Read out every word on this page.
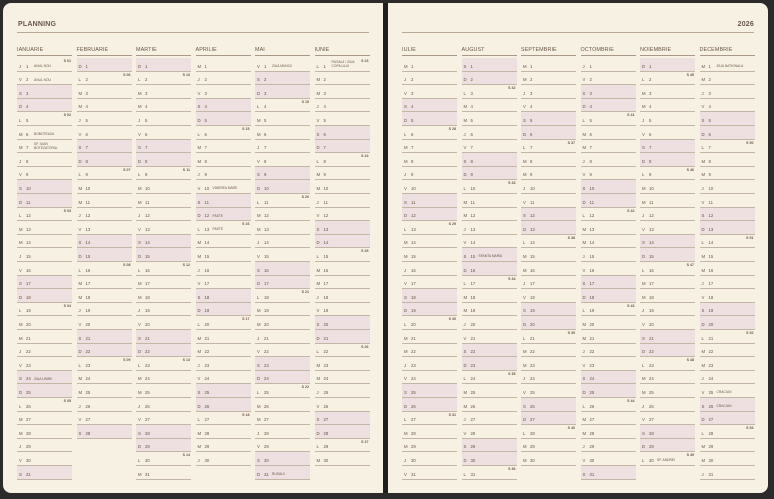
PLANNING
IANUARIE
J 1 ANUL NOU
S 01
V 2 ANUL NOU
S 3
D 4
L 5
S 02
M 6 BOBOTEAZA
M 7
SF. IOAN BOTEZATORUL
J 8
V 9
S 10
D 11
L 12
S 03
M 13
M 14
J 15
V 16
S 17
D 18
L 19
S 04
M 20
M 21
J 22
V 23
S 24 ZIUA UNIRII
D 25
L 26
S 05
M 27
M 28
J 29
V 30
S 31
FEBRUARIE
D 1
L 2
S 06
M 3
M 4
J 5
V 6
S 7
D 8
L 9
S 07
M 10
M 11
J 12
V 13
S 14
D 15
L 16
S 08
M 17
M 18
J 19
V 20
S 21
D 22
L 23
S 09
M 24
M 25
J 26
V 27
S 28
MARTIE
D 1
L 2
S 10
M 3
M 4
J 5
V 6
S 7
D 8
L 9
S 11
M 10
M 11
J 12
V 13
S 14
D 15
L 16
S 12
M 17
M 18
J 19
V 20
S 21
D 22
L 23
S 13
M 24
M 25
J 26
V 27
S 28
D 29
L 30
S 14
M 31
APRILIE
M 1
J 2
V 3
S 4
D 5
L 6
S 15
M 7
M 8
J 9
V 10 VINEREA MARE
S 11
D 12 PASTE
L 13 PASTE
S 16
M 14
M 15
J 16
V 17
S 18
D 19
L 20
S 17
M 21
M 22
J 23
V 24
S 25
D 26
L 27
S 18
M 28
M 29
J 30
MAI
V 1 ZIUA MUNCII
S 2
D 3
L 4
S 19
M 5
M 6
J 7
V 8
S 9
D 10
L 11
S 20
M 12
M 13
J 14
V 15
S 16
D 17
L 18
S 21
M 19
M 20
J 21
V 22
S 23
D 24
L 25
S 22
M 26
M 27
J 28
V 29
S 30
D 31 RUSALII
IUNIE
L 1
RUSALII / ZIUA COPILULUI
S 23
M 2
M 3
J 4
V 5
S 6
D 7
L 8
S 24
M 9
M 10
J 11
V 12
S 13
D 14
L 15
S 25
M 16
M 17
J 18
V 19
S 20
D 21
L 22
S 26
M 23
M 24
J 25
V 26
S 27
D 28
L 29
S 27
M 30
2026
IULIE
M 1
J 2
V 3
S 4
D 5
L 6
S 28
M 7
M 8
J 9
V 10
S 11
D 12
L 13
S 29
M 14
M 15
J 16
V 17
S 18
D 19
L 20
S 30
M 21
M 22
J 23
V 24
S 25
D 26
L 27
S 31
M 28
M 29
J 30
V 31
AUGUST
S 1
D 2
L 3
S 32
M 4
M 5
J 6
V 7
S 8
D 9
L 10
S 33
M 11
M 12
J 13
V 14
S 15 SFANTA MARIA
D 16
L 17
S 34
M 18
M 19
J 20
V 21
S 22
D 23
L 24
S 35
M 25
M 26
J 27
V 28
S 29
D 30
L 31
S 36
SEPTEMBRIE
M 1
M 2
J 3
V 4
S 5
D 6
L 7
S 37
M 8
M 9
J 10
V 11
S 12
D 13
L 14
S 38
M 15
M 16
J 17
V 18
S 19
D 20
L 21
S 39
M 22
M 23
J 24
V 25
S 26
D 27
L 28
S 40
M 29
M 30
OCTOMBRIE
J 1
V 2
S 3
D 4
L 5
S 41
M 6
M 7
J 8
V 9
S 10
D 11
L 12
S 42
M 13
M 14
J 15
V 16
S 17
D 18
L 19
S 43
M 20
M 21
J 22
V 23
S 24
D 25
L 26
S 44
M 27
M 28
J 29
V 30
S 31
NOIEMBRIE
D 1
L 2
S 45
M 3
M 4
J 5
V 6
S 7
D 8
L 9
S 46
M 10
M 11
J 12
V 13
S 14
D 15
L 16
S 47
M 17
M 18
J 19
V 20
S 21
D 22
L 23
S 48
M 24
M 25
J 26
V 27
S 28
D 29
L 30 SF. ANDREI
S 49
DECEMBRIE
M 1 ZIUA NATIONALA
M 2
J 3
V 4
S 5
D 6
L 7
S 50
M 8
M 9
J 10
V 11
S 12
D 13
L 14
S 51
M 15
M 16
J 17
V 18
S 19
D 20
L 21
S 52
M 22
M 23
J 24
V 25 CRACIUN
S 26 CRACIUN
D 27
L 28
S 53
M 29
M 30
J 31
